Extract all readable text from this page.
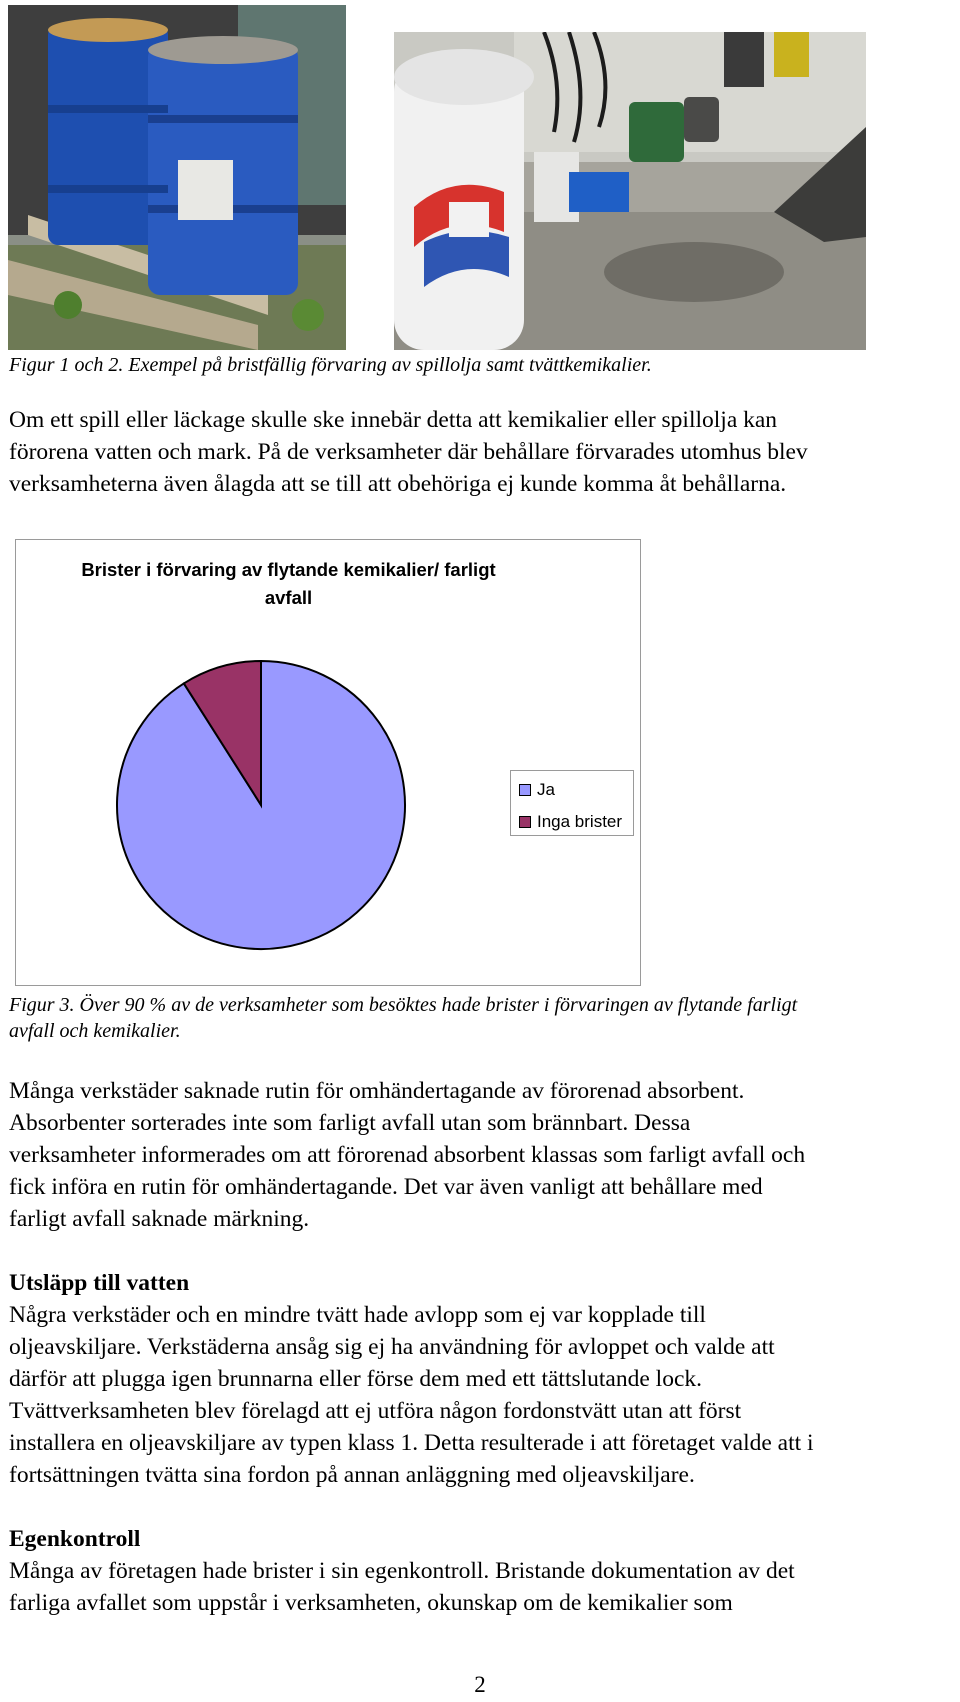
Figur 1 och 2. Exempel på bristfällig förvaring av spillolja samt tvättkemikalier.

Om ett spill eller läckage skulle ske innebär detta att kemikalier eller spillolja kan

förorena vatten och mark. På de verksamheter där behållare förvarades utomhus blev

verksamheterna även ålagda att se till att obehöriga ej kunde komma åt behållarna.

Brister i förvaring av flytande kemikalier/ farligt
avfall
Ja
Inga brister
Figur 3. Över 90 % av de verksamheter som besöktes hade brister i förvaringen av flytande farligt
avfall och kemikalier.

Många verkstäder saknade rutin för omhändertagande av förorenad absorbent.

Absorbenter sorterades inte som farligt avfall utan som brännbart. Dessa

verksamheter informerades om att förorenad absorbent klassas som farligt avfall och

fick införa en rutin för omhändertagande. Det var även vanligt att behållare med

farligt avfall saknade märkning.

Utsläpp till vatten

Några verkstäder och en mindre tvätt hade avlopp som ej var kopplade till

oljeavskiljare. Verkstäderna ansåg sig ej ha användning för avloppet och valde att

därför att plugga igen brunnarna eller förse dem med ett tättslutande lock.

Tvättverksamheten blev förelagd att ej utföra någon fordonstvätt utan att först

installera en oljeavskiljare av typen klass 1. Detta resulterade i att företaget valde att i

fortsättningen tvätta sina fordon på annan anläggning med oljeavskiljare.

Egenkontroll

Många av företagen hade brister i sin egenkontroll. Bristande dokumentation av det

farliga avfallet som uppstår i verksamheten, okunskap om de kemikalier som

2
